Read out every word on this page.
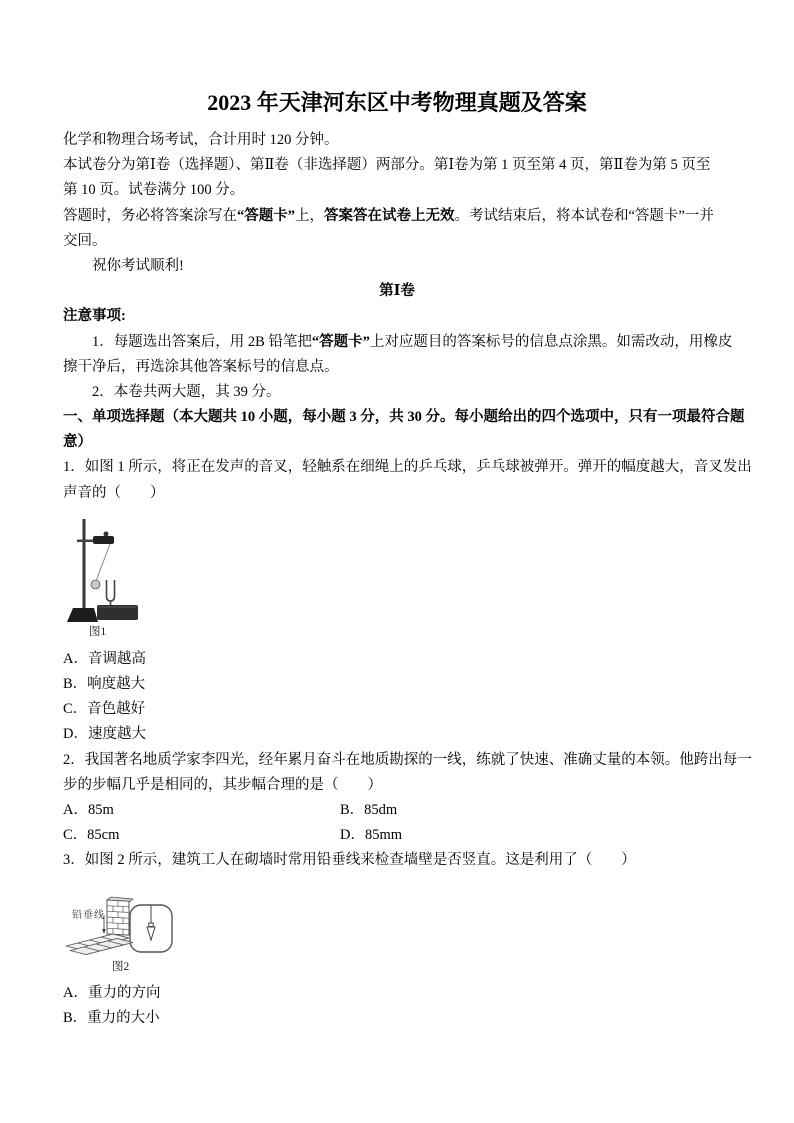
2023 年天津河东区中考物理真题及答案
化学和物理合场考试，合计用时 120 分钟。
本试卷分为第Ⅰ卷（选择题）、第Ⅱ卷（非选择题）两部分。第Ⅰ卷为第 1 页至第 4 页，第Ⅱ卷为第 5 页至
第 10 页。试卷满分 100 分。
答题时，务必将答案涂写在“答题卡”上，答案答在试卷上无效。考试结束后，将本试卷和“答题卡”一并
交回。
祝你考试顺利!
第Ⅰ卷
注意事项:
1．每题选出答案后，用 2B 铅笔把“答题卡”上对应题目的答案标号的信息点涂黑。如需改动，用橡皮
擦干净后，再选涂其他答案标号的信息点。
2．本卷共两大题，其 39 分。
一、单项选择题（本大题共 10 小题，每小题 3 分，共 30 分。每小题给出的四个选项中，只有一项最符合题
意）
1．如图 1 所示，将正在发声的音叉，轻触系在细绳上的乒乓球，乒乓球被弹开。弹开的幅度越大，音叉发出
声音的（　　）
图1
A．音调越高
B．响度越大
C．音色越好
D．速度越大
2．我国著名地质学家李四光，经年累月奋斗在地质勘探的一线，练就了快速、准确丈量的本领。他跨出每一
步的步幅几乎是相同的，其步幅合理的是（　　）
A．85m	B．85dm
C．85cm	D．85mm
3．如图 2 所示，建筑工人在砌墙时常用铅垂线来检查墙壁是否竖直。这是利用了（　　）
铅垂线
图2
A．重力的方向
B．重力的大小
